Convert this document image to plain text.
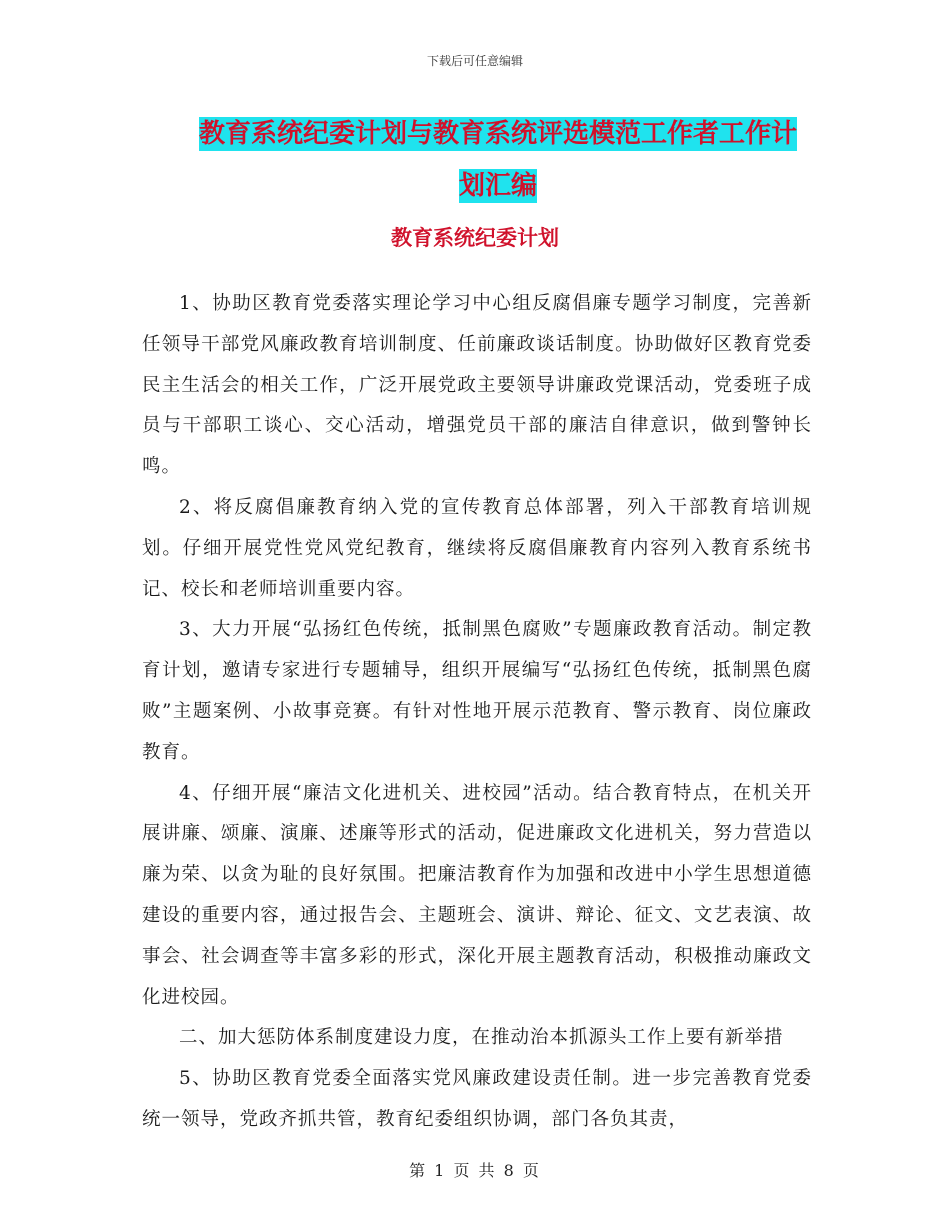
下载后可任意编辑
教育系统纪委计划与教育系统评选模范工作者工作计
划汇编
教育系统纪委计划

1、协助区教育党委落实理论学习中心组反腐倡廉专题学习制度，完善新任领导干部党风廉政教育培训制度、任前廉政谈话制度。协助做好区教育党委民主生活会的相关工作，广泛开展党政主要领导讲廉政党课活动，党委班子成员与干部职工谈心、交心活动，增强党员干部的廉洁自律意识，做到警钟长鸣。

2、将反腐倡廉教育纳入党的宣传教育总体部署，列入干部教育培训规划。仔细开展党性党风党纪教育，继续将反腐倡廉教育内容列入教育系统书记、校长和老师培训重要内容。

3、大力开展“弘扬红色传统，抵制黑色腐败”专题廉政教育活动。制定教育计划，邀请专家进行专题辅导，组织开展编写“弘扬红色传统，抵制黑色腐败”主题案例、小故事竞赛。有针对性地开展示范教育、警示教育、岗位廉政教育。

4、仔细开展“廉洁文化进机关、进校园”活动。结合教育特点，在机关开展讲廉、颂廉、演廉、述廉等形式的活动，促进廉政文化进机关，努力营造以廉为荣、以贪为耻的良好氛围。把廉洁教育作为加强和改进中小学生思想道德建设的重要内容，通过报告会、主题班会、演讲、辩论、征文、文艺表演、故事会、社会调查等丰富多彩的形式，深化开展主题教育活动，积极推动廉政文化进校园。

二、加大惩防体系制度建设力度，在推动治本抓源头工作上要有新举措

5、协助区教育党委全面落实党风廉政建设责任制。进一步完善教育党委统一领导，党政齐抓共管，教育纪委组织协调，部门各负其责，

第 1 页 共 8 页
